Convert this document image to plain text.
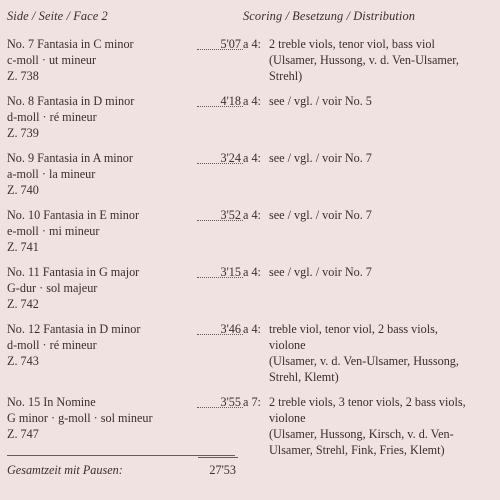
Side / Seite / Face 2	Scoring / Besetzung / Distribution
No. 7 Fantasia in C minor
c-moll · ut mineur
Z. 738
5'07 a 4: 2 treble viols, tenor viol, bass viol
(Ulsamer, Hussong, v. d. Ven-Ulsamer,
Strehl)
No. 8 Fantasia in D minor
d-moll · ré mineur
Z. 739
4'18 a 4: see / vgl. / voir No. 5
No. 9 Fantasia in A minor
a-moll · la mineur
Z. 740
3'24 a 4: see / vgl. / voir No. 7
No. 10 Fantasia in E minor
e-moll · mi mineur
Z. 741
3'52 a 4: see / vgl. / voir No. 7
No. 11 Fantasia in G major
G-dur · sol majeur
Z. 742
3'15 a 4: see / vgl. / voir No. 7
No. 12 Fantasia in D minor
d-moll · ré mineur
Z. 743
3'46 a 4: treble viol, tenor viol, 2 bass viols,
violone
(Ulsamer, v. d. Ven-Ulsamer, Hussong,
Strehl, Klemt)
No. 15 In Nomine
G minor · g-moll · sol mineur
Z. 747
3'55 a 7: 2 treble viols, 3 tenor viols, 2 bass viols,
violone
(Ulsamer, Hussong, Kirsch, v. d. Ven-
Ulsamer, Strehl, Fink, Fries, Klemt)
Gesamtzeit mit Pausen:	27'53
